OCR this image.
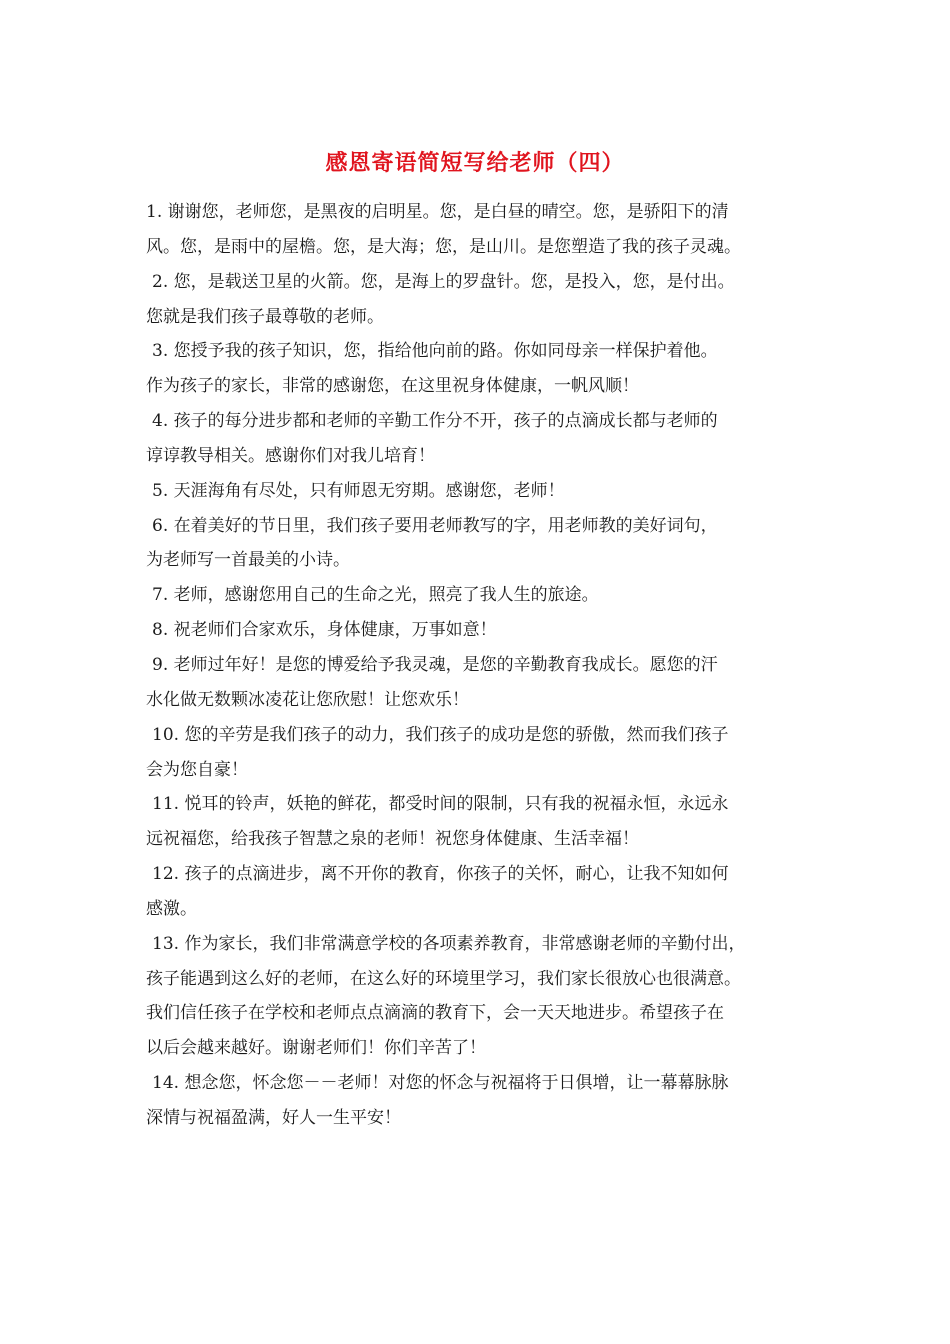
感恩寄语简短写给老师（四）
1. 谢谢您，老师您，是黑夜的启明星。您，是白昼的晴空。您，是骄阳下的清
风。您，是雨中的屋檐。您，是大海；您，是山川。是您塑造了我的孩子灵魂。
2. 您，是载送卫星的火箭。您，是海上的罗盘针。您，是投入，您，是付出。
您就是我们孩子最尊敬的老师。
3. 您授予我的孩子知识，您，指给他向前的路。你如同母亲一样保护着他。
作为孩子的家长，非常的感谢您，在这里祝身体健康，一帆风顺！
4. 孩子的每分进步都和老师的辛勤工作分不开，孩子的点滴成长都与老师的
谆谆教导相关。感谢你们对我儿培育！
5. 天涯海角有尽处，只有师恩无穷期。感谢您，老师！
6. 在着美好的节日里，我们孩子要用老师教写的字，用老师教的美好词句，
为老师写一首最美的小诗。
7. 老师，感谢您用自己的生命之光，照亮了我人生的旅途。
8. 祝老师们合家欢乐，身体健康，万事如意！
9. 老师过年好！是您的博爱给予我灵魂，是您的辛勤教育我成长。愿您的汗
水化做无数颗冰凌花让您欣慰！让您欢乐！
10. 您的辛劳是我们孩子的动力，我们孩子的成功是您的骄傲，然而我们孩子
会为您自豪！
11. 悦耳的铃声，妖艳的鲜花，都受时间的限制，只有我的祝福永恒，永远永
远祝福您，给我孩子智慧之泉的老师！祝您身体健康、生活幸福！
12. 孩子的点滴进步，离不开你的教育，你孩子的关怀，耐心，让我不知如何
感激。
13. 作为家长，我们非常满意学校的各项素养教育，非常感谢老师的辛勤付出，
孩子能遇到这么好的老师，在这么好的环境里学习，我们家长很放心也很满意。
我们信任孩子在学校和老师点点滴滴的教育下，会一天天地进步。希望孩子在
以后会越来越好。谢谢老师们！你们辛苦了！
14. 想念您，怀念您－－老师！对您的怀念与祝福将于日俱增，让一幕幕脉脉
深情与祝福盈满，好人一生平安！
